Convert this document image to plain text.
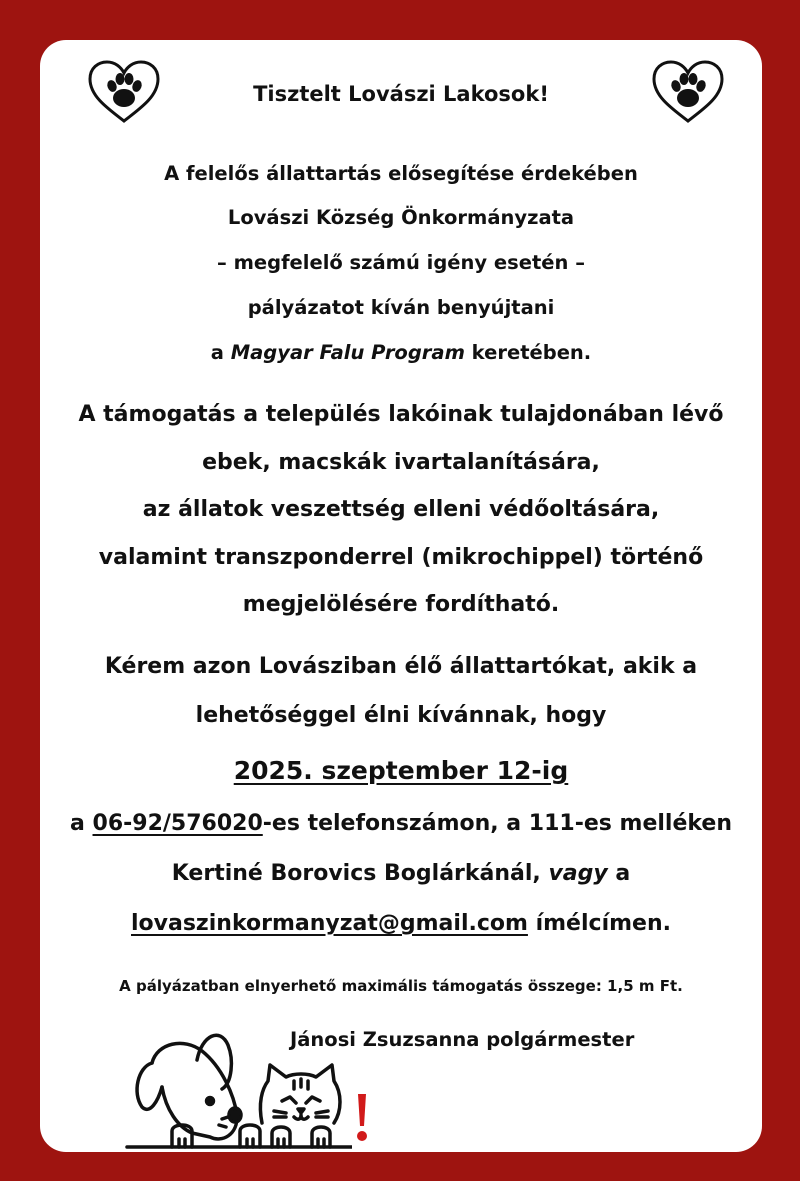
Tisztelt Lovászi Lakosok!
A felelős állattartás elősegítése érdekében
Lovászi Község Önkormányzata
– megfelelő számú igény esetén –
pályázatot kíván benyújtani
a Magyar Falu Program keretében.
A támogatás a település lakóinak tulajdonában lévő
ebek, macskák ivartalanítására,
az állatok veszettség elleni védőoltására,
valamint transzponderrel (mikrochippel) történő
megjelölésére fordítható.
Kérem azon Lovásziban élő állattartókat, akik a
lehetőséggel élni kívánnak, hogy
2025. szeptember 12-ig
a 06-92/576020-es telefonszámon, a 111-es melléken
Kertiné Borovics Boglárkánál, vagy a
lovaszinkormanyzat@gmail.com ímélcímen.
A pályázatban elnyerhető maximális támogatás összege: 1,5 m Ft.
Jánosi Zsuzsanna polgármester
